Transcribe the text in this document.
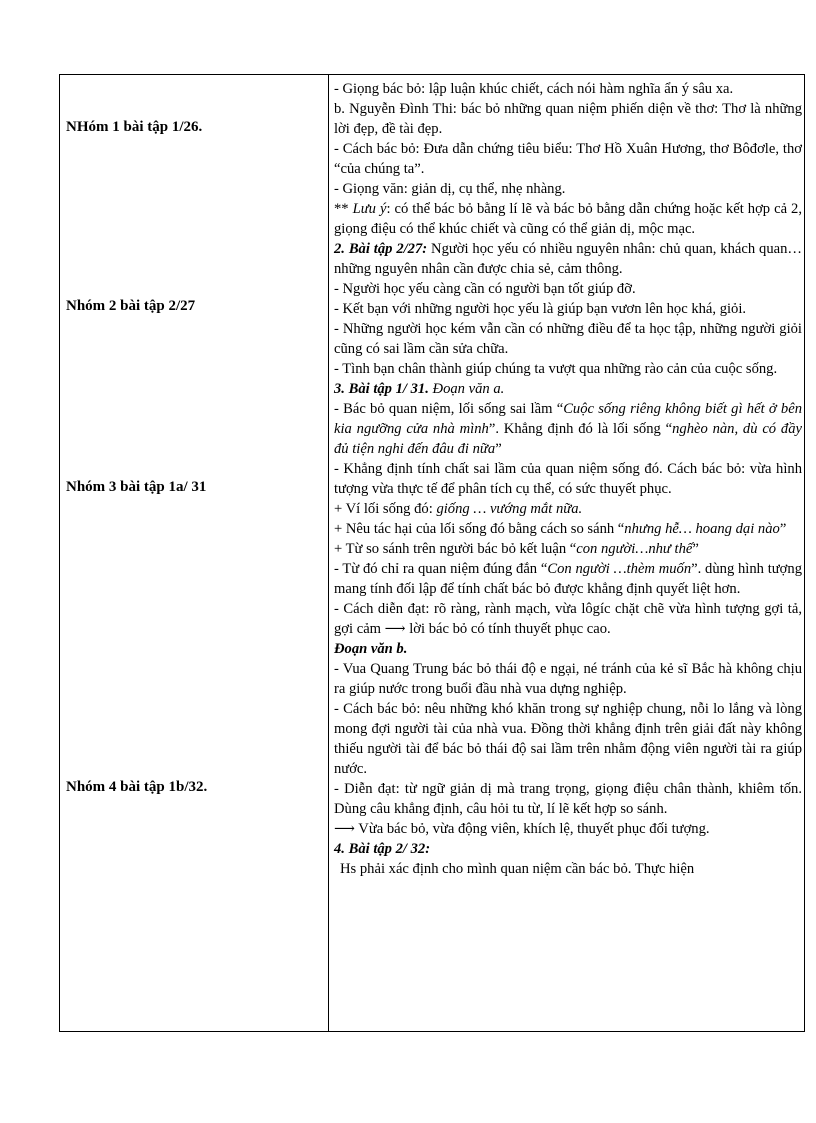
NHóm 1 bài tập 1/26.
Nhóm 2 bài tập 2/27
Nhóm 3 bài tập 1a/ 31
Nhóm 4 bài tập 1b/32.

- Giọng bác bỏ: lập luận khúc chiết, cách nói hàm nghĩa ẩn ý sâu xa.

b. Nguyễn Đình Thi: bác bỏ những quan niệm phiến diện về thơ: Thơ là những lời đẹp, đề tài đẹp.

- Cách bác bỏ: Đưa dẫn chứng tiêu biểu: Thơ Hồ Xuân Hương, thơ Bôđơle, thơ “của chúng ta”.

- Giọng văn: giản dị, cụ thể, nhẹ nhàng.

** Lưu ý: có thể bác bỏ bằng lí lẽ và bác bỏ bằng dẫn chứng hoặc kết hợp cả 2, giọng điệu có thể khúc chiết và cũng có thể giản dị, mộc mạc.

2. Bài tập 2/27: Người học yếu có nhiều nguyên nhân: chủ quan, khách quan… những nguyên nhân cần được chia sẻ, cảm thông.

- Người học yếu càng cần có người bạn tốt giúp đỡ.

- Kết bạn với những người học yếu là giúp bạn vươn lên học khá, giỏi.

- Những người học kém vẫn cần có những điều để ta học tập, những người giỏi cũng có sai lầm cần sửa chữa.

- Tình bạn chân thành giúp chúng ta vượt qua những rào cản của cuộc sống.

3. Bài tập 1/ 31. Đoạn văn a.

- Bác bỏ quan niệm, lối sống sai lầm “Cuộc sống riêng không biết gì hết ở bên kia ngưỡng cửa nhà mình”. Khẳng định đó là lối sống “nghèo nàn, dù có đầy đủ tiện nghi đến đâu đi nữa”

- Khẳng định tính chất sai lầm của quan niệm sống đó. Cách bác bỏ: vừa hình tượng vừa thực tế để phân tích cụ thể, có sức thuyết phục.

+ Ví lối sống đó: giống … vướng mắt nữa.

+ Nêu tác hại của lối sống đó bằng cách so sánh “nhưng hễ… hoang dại nào”

+ Từ so sánh trên người bác bỏ kết luận “con người…như thế”

- Từ đó chỉ ra quan niệm đúng đắn “Con người …thèm muốn”. dùng hình tượng mang tính đối lập để tính chất bác bỏ được khẳng định quyết liệt hơn.

- Cách diễn đạt: rõ ràng, rành mạch, vừa lôgíc chặt chẽ vừa hình tượng gợi tả, gợi cảm ⟶ lời bác bỏ có tính thuyết phục cao.

Đoạn văn b.

- Vua Quang Trung bác bỏ thái độ e ngại, né tránh của kẻ sĩ Bắc hà không chịu ra giúp nước trong buổi đầu nhà vua dựng nghiệp.

- Cách bác bỏ: nêu những khó khăn trong sự nghiệp chung, nỗi lo lắng và lòng mong đợi người tài của nhà vua. Đồng thời khẳng định trên giải đất này không thiếu người tài để bác bỏ thái độ sai lầm trên nhằm động viên người tài ra giúp nước.

- Diễn đạt: từ ngữ giản dị mà trang trọng, giọng điệu chân thành, khiêm tốn. Dùng câu khẳng định, câu hỏi tu từ, lí lẽ kết hợp so sánh.

⟶ Vừa bác bỏ, vừa động viên, khích lệ, thuyết phục đối tượng.

4. Bài tập 2/ 32:

Hs phải xác định cho mình quan niệm cần bác bỏ. Thực hiện
